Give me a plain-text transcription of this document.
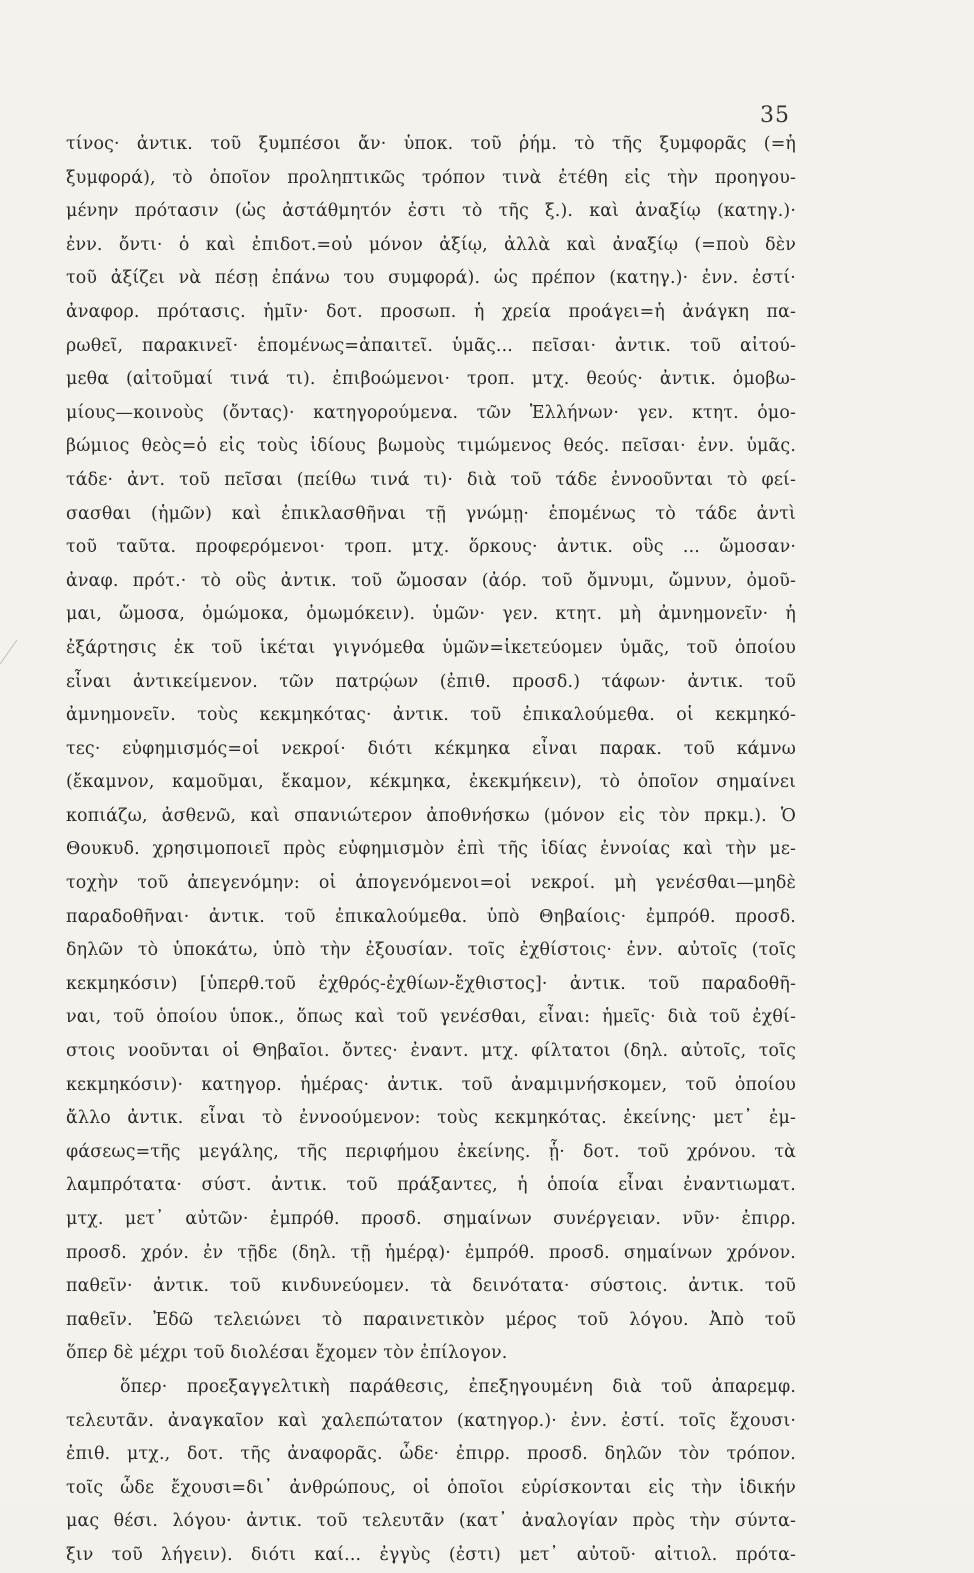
35
τίνος· ἀντικ. τοῦ ξυμπέσοι ἄν· ὑποκ. τοῦ ῥήμ. τὸ τῆς ξυμφορᾶς (=ἡ
ξυμφορά), τὸ ὁποῖον προληπτικῶς τρόπον τινὰ ἐτέθη εἰς τὴν προηγου-
μένην πρότασιν (ὡς ἀστάθμητόν ἐστι τὸ τῆς ξ.). καὶ ἀναξίῳ (κατηγ.)·
ἐνν. ὄντι· ὁ καὶ ἐπιδοτ.=οὐ μόνον ἀξίῳ, ἀλλὰ καὶ ἀναξίῳ (=ποὺ δὲν
τοῦ ἀξίζει νὰ πέσῃ ἐπάνω του συμφορά). ὡς πρέπον (κατηγ.)· ἐνν. ἐστί·
ἀναφορ. πρότασις. ἡμῖν· δοτ. προσωπ. ἡ χρεία προάγει=ἡ ἀνάγκη πα-
ρωθεῖ, παρακινεῖ· ἑπομένως=ἀπαιτεῖ. ὑμᾶς... πεῖσαι· ἀντικ. τοῦ αἰτού-
μεθα (αἰτοῦμαί τινά τι). ἐπιβοώμενοι· τροπ. μτχ. θεούς· ἀντικ. ὁμοβω-
μίους—κοινοὺς (ὄντας)· κατηγορούμενα. τῶν Ἑλλήνων· γεν. κτητ. ὁμο-
βώμιος θεὸς=ὁ εἰς τοὺς ἰδίους βωμοὺς τιμώμενος θεός. πεῖσαι· ἐνν. ὑμᾶς.
τάδε· ἀντ. τοῦ πεῖσαι (πείθω τινά τι)· διὰ τοῦ τάδε ἐννοοῦνται τὸ φεί-
σασθαι (ἡμῶν) καὶ ἐπικλασθῆναι τῇ γνώμῃ· ἑπομένως τὸ τάδε ἀντὶ
τοῦ ταῦτα. προφερόμενοι· τροπ. μτχ. ὅρκους· ἀντικ. οὓς ... ὤμοσαν·
ἀναφ. πρότ.· τὸ οὓς ἀντικ. τοῦ ὤμοσαν (ἀόρ. τοῦ ὄμνυμι, ὤμνυν, ὀμοῦ-
μαι, ὤμοσα, ὀμώμοκα, ὀμωμόκειν). ὑμῶν· γεν. κτητ. μὴ ἀμνημονεῖν· ἡ
ἐξάρτησις ἐκ τοῦ ἱκέται γιγνόμεθα ὑμῶν=ἱκετεύομεν ὑμᾶς, τοῦ ὁποίου
εἶναι ἀντικείμενον. τῶν πατρῴων (ἐπιθ. προσδ.) τάφων· ἀντικ. τοῦ
ἀμνημονεῖν. τοὺς κεκμηκότας· ἀντικ. τοῦ ἐπικαλούμεθα. οἱ κεκμηκό-
τες· εὐφημισμός=οἱ νεκροί· διότι κέκμηκα εἶναι παρακ. τοῦ κάμνω
(ἔκαμνον, καμοῦμαι, ἔκαμον, κέκμηκα, ἐκεκμήκειν), τὸ ὁποῖον σημαίνει
κοπιάζω, ἀσθενῶ, καὶ σπανιώτερον ἀποθνήσκω (μόνον εἰς τὸν πρκμ.). Ὁ
Θουκυδ. χρησιμοποιεῖ πρὸς εὐφημισμὸν ἐπὶ τῆς ἰδίας ἐννοίας καὶ τὴν με-
τοχὴν τοῦ ἀπεγενόμην: οἱ ἀπογενόμενοι=οἱ νεκροί. μὴ γενέσθαι—μηδὲ
παραδοθῆναι· ἀντικ. τοῦ ἐπικαλούμεθα. ὑπὸ Θηβαίοις· ἐμπρόθ. προσδ.
δηλῶν τὸ ὑποκάτω, ὑπὸ τὴν ἐξουσίαν. τοῖς ἐχθίστοις· ἐνν. αὐτοῖς (τοῖς
κεκμηκόσιν) [ὑπερθ.τοῦ ἐχθρός-ἐχθίων-ἔχθιστος]· ἀντικ. τοῦ παραδοθῆ-
ναι, τοῦ ὁποίου ὑποκ., ὅπως καὶ τοῦ γενέσθαι, εἶναι: ἡμεῖς· διὰ τοῦ ἐχθί-
στοις νοοῦνται οἱ Θηβαῖοι. ὄντες· ἐναντ. μτχ. φίλτατοι (δηλ. αὐτοῖς, τοῖς
κεκμηκόσιν)· κατηγορ. ἡμέρας· ἀντικ. τοῦ ἀναμιμνήσκομεν, τοῦ ὁποίου
ἄλλο ἀντικ. εἶναι τὸ ἐννοούμενον: τοὺς κεκμηκότας. ἐκείνης· μετ᾽ ἐμ-
φάσεως=τῆς μεγάλης, τῆς περιφήμου ἐκείνης. ᾗ· δοτ. τοῦ χρόνου. τὰ
λαμπρότατα· σύστ. ἀντικ. τοῦ πράξαντες, ἡ ὁποία εἶναι ἐναντιωματ.
μτχ. μετ᾽ αὐτῶν· ἐμπρόθ. προσδ. σημαίνων συνέργειαν. νῦν· ἐπιρρ.
προσδ. χρόν. ἐν τῇδε (δηλ. τῇ ἡμέρᾳ)· ἐμπρόθ. προσδ. σημαίνων χρόνον.
παθεῖν· ἀντικ. τοῦ κινδυνεύομεν. τὰ δεινότατα· σύστοις. ἀντικ. τοῦ
παθεῖν. Ἐδῶ τελειώνει τὸ παραινετικὸν μέρος τοῦ λόγου. Ἀπὸ τοῦ
ὅπερ δὲ μέχρι τοῦ διολέσαι ἔχομεν τὸν ἐπίλογον.
ὅπερ· προεξαγγελτικὴ παράθεσις, ἐπεξηγουμένη διὰ τοῦ ἀπαρεμφ.
τελευτᾶν. ἀναγκαῖον καὶ χαλεπώτατον (κατηγορ.)· ἐνν. ἐστί. τοῖς ἔχουσι·
ἐπιθ. μτχ., δοτ. τῆς ἀναφορᾶς. ὧδε· ἐπιρρ. προσδ. δηλῶν τὸν τρόπον.
τοῖς ὧδε ἔχουσι=δι᾽ ἀνθρώπους, οἱ ὁποῖοι εὑρίσκονται εἰς τὴν ἰδικήν
μας θέσι. λόγου· ἀντικ. τοῦ τελευτᾶν (κατ᾽ ἀναλογίαν πρὸς τὴν σύντα-
ξιν τοῦ λήγειν). διότι καί... ἐγγὺς (ἐστι) μετ᾽ αὐτοῦ· αἰτιολ. πρότα-
